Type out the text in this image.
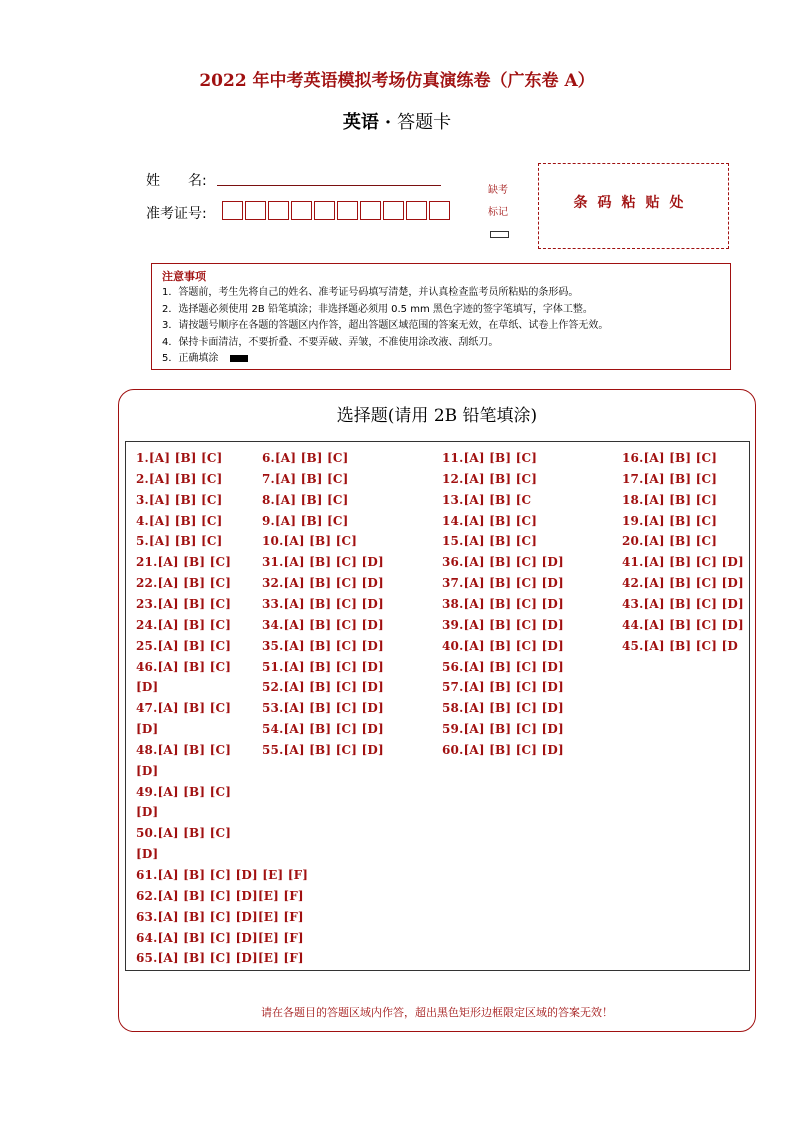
2022 年中考英语模拟考场仿真演练卷（广东卷 A）
英语 · 答题卡
姓　　名:
准考证号:
缺考
标记
条码粘贴处
注意事项
1．答题前，考生先将自己的姓名、准考证号码填写清楚，并认真检查监考员所粘贴的条形码。
2．选择题必须使用 2B 铅笔填涂；非选择题必须用 0.5 mm 黑色字迹的签字笔填写，字体工整。
3．请按题号顺序在各题的答题区内作答，超出答题区域范围的答案无效，在草纸、试卷上作答无效。
4．保持卡面清洁，不要折叠、不要弄破、弄皱，不准使用涂改液、刮纸刀。
5．正确填涂
选择题(请用 2B 铅笔填涂)
1.[A] [B] [C]
2.[A] [B] [C]
3.[A] [B] [C]
4.[A] [B] [C]
5.[A] [B] [C]
21.[A] [B] [C]
22.[A] [B] [C]
23.[A] [B] [C]
24.[A] [B] [C]
25.[A] [B] [C]
46.[A] [B] [C]
[D]
47.[A] [B] [C]
[D]
48.[A] [B] [C]
[D]
49.[A] [B] [C]
[D]
50.[A] [B] [C]
[D]
61.[A] [B] [C] [D] [E] [F]
62.[A] [B] [C] [D][E] [F]
63.[A] [B] [C] [D][E] [F]
64.[A] [B] [C] [D][E] [F]
65.[A] [B] [C] [D][E] [F]
6.[A] [B] [C]
7.[A] [B] [C]
8.[A] [B] [C]
9.[A] [B] [C]
10.[A] [B] [C]
31.[A] [B] [C] [D]
32.[A] [B] [C] [D]
33.[A] [B] [C] [D]
34.[A] [B] [C] [D]
35.[A] [B] [C] [D]
51.[A] [B] [C] [D]
52.[A] [B] [C] [D]
53.[A] [B] [C] [D]
54.[A] [B] [C] [D]
55.[A] [B] [C] [D]
11.[A] [B] [C]
12.[A] [B] [C]
13.[A] [B] [C
14.[A] [B] [C]
15.[A] [B] [C]
36.[A] [B] [C] [D]
37.[A] [B] [C] [D]
38.[A] [B] [C] [D]
39.[A] [B] [C] [D]
40.[A] [B] [C] [D]
56.[A] [B] [C] [D]
57.[A] [B] [C] [D]
58.[A] [B] [C] [D]
59.[A] [B] [C] [D]
60.[A] [B] [C] [D]
16.[A] [B] [C]
17.[A] [B] [C]
18.[A] [B] [C]
19.[A] [B] [C]
20.[A] [B] [C]
41.[A] [B] [C] [D]
42.[A] [B] [C] [D]
43.[A] [B] [C] [D]
44.[A] [B] [C] [D]
45.[A] [B] [C] [D
请在各题目的答题区域内作答，超出黑色矩形边框限定区域的答案无效！
